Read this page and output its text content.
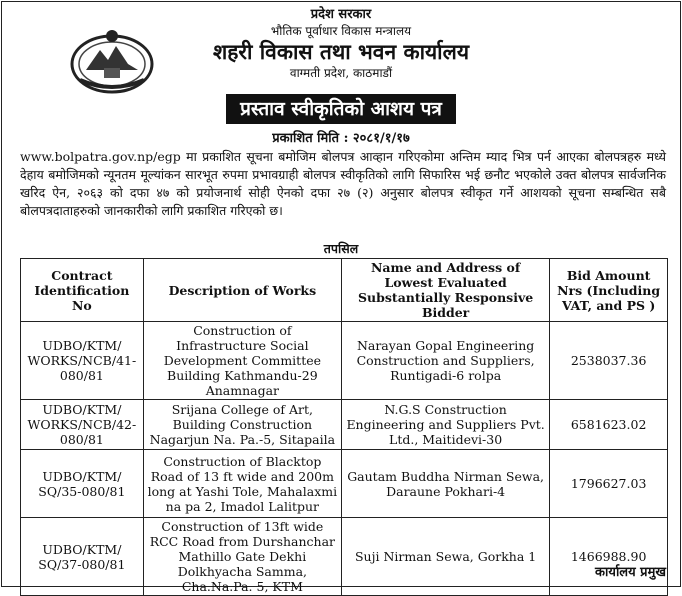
प्रदेश सरकार
भौतिक पूर्वाधार विकास मन्त्रालय
शहरी विकास तथा भवन कार्यालय
वाग्मती प्रदेश, काठमाडौं
प्रस्ताव स्वीकृतिको आशय पत्र
प्रकाशित मिति : २०८१/१/१७
www.bolpatra.gov.np/egp मा प्रकाशित सूचना बमोजिम बोलपत्र आव्हान गरिएकोमा अन्तिम म्याद भित्र पर्न आएका बोलपत्रहरु मध्ये देहाय बमोजिमको न्यूनतम मूल्यांकन सारभूत रुपमा प्रभावग्राही बोलपत्र स्वीकृतिको लागि सिफारिस भई छनौट भएकोले उक्त बोलपत्र सार्वजनिक खरिद ऐन, २०६३ को दफा ४७ को प्रयोजनार्थ सोही ऐनको दफा २७ (२) अनुसार बोलपत्र स्वीकृत गर्ने आशयको सूचना सम्बन्धित सबै बोलपत्रदाताहरुको जानकारीको लागि प्रकाशित गरिएको छ।
तपसिल
Contract Identification No	Description of Works	Name and Address of Lowest Evaluated Substantially Responsive Bidder	Bid Amount Nrs (Including VAT, and PS )
UDBO/KTM/ WORKS/NCB/41-080/81	Construction of Infrastructure Social Development Committee Building Kathmandu-29 Anamnagar	Narayan Gopal Engineering Construction and Suppliers, Runtigadi-6 rolpa	2538037.36
UDBO/KTM/ WORKS/NCB/42-080/81	Srijana College of Art, Building Construction Nagarjun Na. Pa.-5, Sitapaila	N.G.S Construction Engineering and Suppliers Pvt. Ltd., Maitidevi-30	6581623.02
UDBO/KTM/ SQ/35-080/81	Construction of Blacktop Road of 13 ft wide and 200m long at Yashi Tole, Mahalaxmi na pa 2, Imadol Lalitpur	Gautam Buddha Nirman Sewa, Daraune Pokhari-4	1796627.03
UDBO/KTM/ SQ/37-080/81	Construction of 13ft wide RCC Road from Durshanchar Mathillo Gate Dekhi Dolkhyacha Samma, Cha.Na.Pa. 5, KTM	Suji Nirman Sewa, Gorkha 1	1466988.90
कार्यालय प्रमुख
